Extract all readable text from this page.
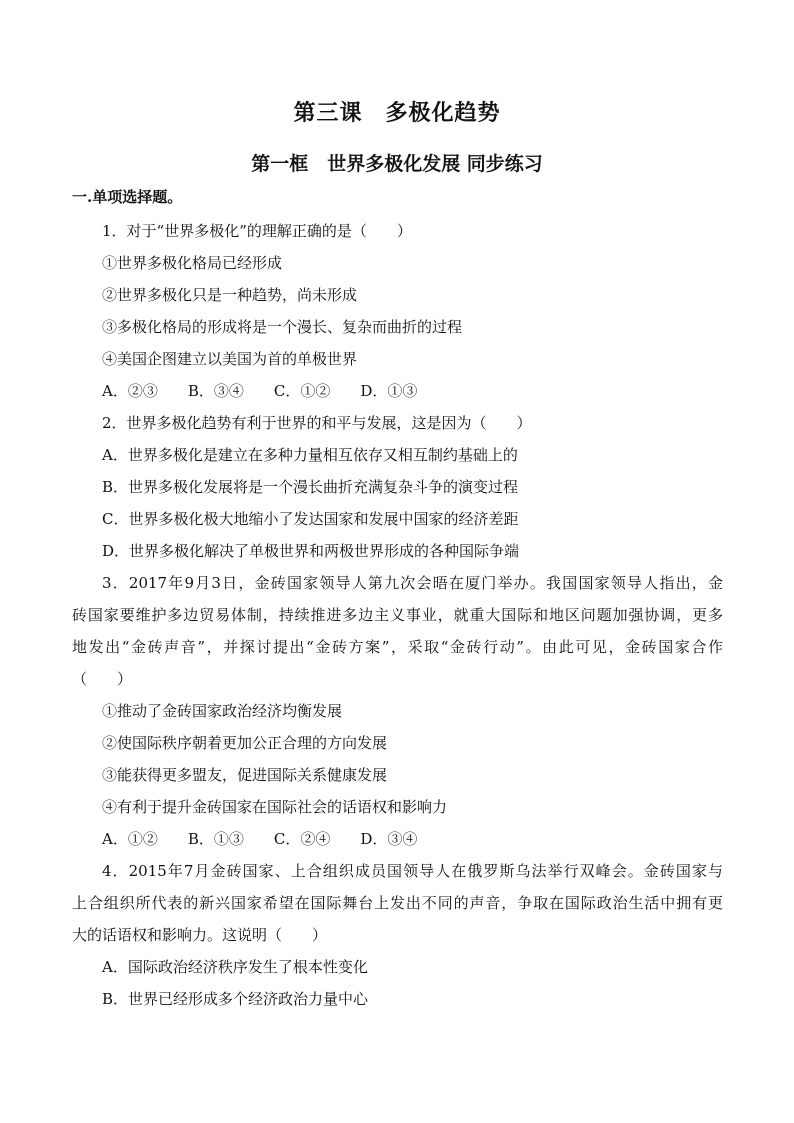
第三课　多极化趋势
第一框　世界多极化发展 同步练习
一.单项选择题。
1．对于“世界多极化”的理解正确的是（　　）
①世界多极化格局已经形成
②世界多极化只是一种趋势，尚未形成
③多极化格局的形成将是一个漫长、复杂而曲折的过程
④美国企图建立以美国为首的单极世界
A．②③　　B．③④　　C．①②　　D．①③
2．世界多极化趋势有利于世界的和平与发展，这是因为（　　）
A．世界多极化是建立在多种力量相互依存又相互制约基础上的
B．世界多极化发展将是一个漫长曲折充满复杂斗争的演变过程
C．世界多极化极大地缩小了发达国家和发展中国家的经济差距
D．世界多极化解决了单极世界和两极世界形成的各种国际争端
3．2017年9月3日，金砖国家领导人第九次会晤在厦门举办。我国国家领导人指出，金
砖国家要维护多边贸易体制，持续推进多边主义事业，就重大国际和地区问题加强协调，更多
地发出“金砖声音”，并探讨提出“金砖方案”，采取“金砖行动”。由此可见，金砖国家合作
（　　）
①推动了金砖国家政治经济均衡发展
②使国际秩序朝着更加公正合理的方向发展
③能获得更多盟友，促进国际关系健康发展
④有利于提升金砖国家在国际社会的话语权和影响力
A．①②　　B．①③　　C．②④　　D．③④
4．2015年7月金砖国家、上合组织成员国领导人在俄罗斯乌法举行双峰会。金砖国家与
上合组织所代表的新兴国家希望在国际舞台上发出不同的声音，争取在国际政治生活中拥有更
大的话语权和影响力。这说明（　　）
A．国际政治经济秩序发生了根本性变化
B．世界已经形成多个经济政治力量中心
